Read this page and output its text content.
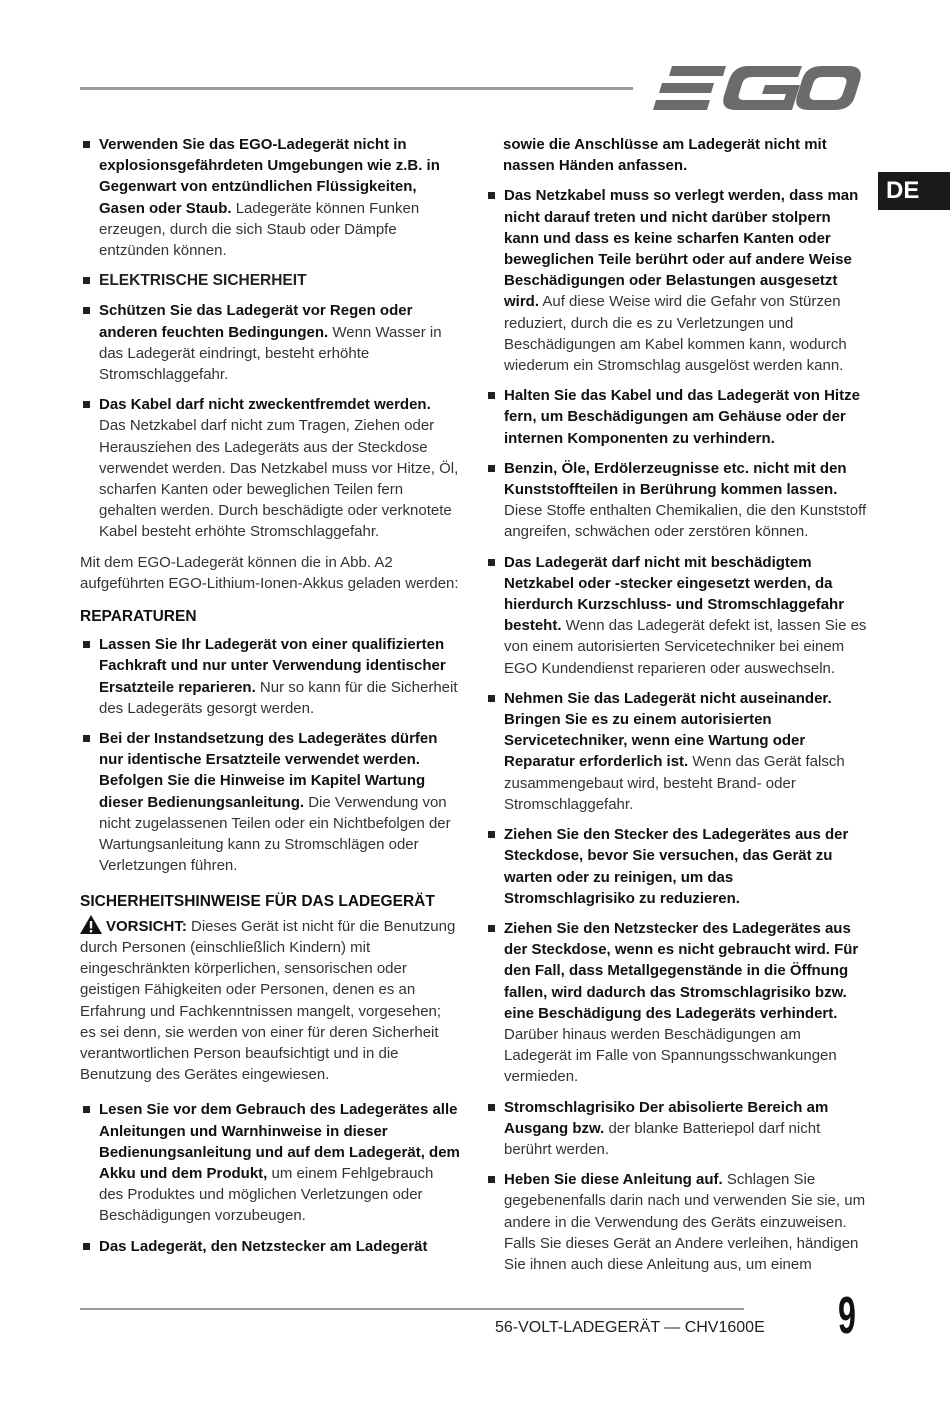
DE
Verwenden Sie das EGO-Ladegerät nicht in explosionsgefährdeten Umgebungen wie z.B. in Gegenwart von entzündlichen Flüssigkeiten, Gasen oder Staub. Ladegeräte können Funken erzeugen, durch die sich Staub oder Dämpfe entzünden können.
ELEKTRISCHE SICHERHEIT
Schützen Sie das Ladegerät vor Regen oder anderen feuchten Bedingungen. Wenn Wasser in das Ladegerät eindringt, besteht erhöhte Stromschlaggefahr.
Das Kabel darf nicht zweckentfremdet werden. Das Netzkabel darf nicht zum Tragen, Ziehen oder Herausziehen des Ladegeräts aus der Steckdose verwendet werden. Das Netzkabel muss vor Hitze, Öl, scharfen Kanten oder beweglichen Teilen fern gehalten werden. Durch beschädigte oder verknotete Kabel besteht erhöhte Stromschlaggefahr.

Mit dem EGO-Ladegerät können die in Abb. A2 aufgeführten EGO-Lithium-Ionen-Akkus geladen werden:

REPARATUREN
Lassen Sie Ihr Ladegerät von einer qualifizierten Fachkraft und nur unter Verwendung identischer Ersatzteile reparieren. Nur so kann für die Sicherheit des Ladegeräts gesorgt werden.
Bei der Instandsetzung des Ladegerätes dürfen nur identische Ersatzteile verwendet werden. Befolgen Sie die Hinweise im Kapitel Wartung dieser Bedienungsanleitung. Die Verwendung von nicht zugelassenen Teilen oder ein Nichtbefolgen der Wartungsanleitung kann zu Stromschlägen oder Verletzungen führen.
SICHERHEITSHINWEISE FÜR DAS LADEGERÄT

VORSICHT: Dieses Gerät ist nicht für die Benutzung durch Personen (einschließlich Kindern) mit eingeschränkten körperlichen, sensorischen oder geistigen Fähigkeiten oder Personen, denen es an Erfahrung und Fachkenntnissen mangelt, vorgesehen; es sei denn, sie werden von einer für deren Sicherheit verantwortlichen Person beaufsichtigt und in die Benutzung des Gerätes eingewiesen.

Lesen Sie vor dem Gebrauch des Ladegerätes alle Anleitungen und Warnhinweise in dieser Bedienungsanleitung und auf dem Ladegerät, dem Akku und dem Produkt, um einem Fehlgebrauch des Produktes und möglichen Verletzungen oder Beschädigungen vorzubeugen.
Das Ladegerät, den Netzstecker am Ladegerät
sowie die Anschlüsse am Ladegerät nicht mit nassen Händen anfassen.
Das Netzkabel muss so verlegt werden, dass man nicht darauf treten und nicht darüber stolpern kann und dass es keine scharfen Kanten oder beweglichen Teile berührt oder auf andere Weise Beschädigungen oder Belastungen ausgesetzt wird. Auf diese Weise wird die Gefahr von Stürzen reduziert, durch die es zu Verletzungen und Beschädigungen am Kabel kommen kann, wodurch wiederum ein Stromschlag ausgelöst werden kann.
Halten Sie das Kabel und das Ladegerät von Hitze fern, um Beschädigungen am Gehäuse oder der internen Komponenten zu verhindern.
Benzin, Öle, Erdölerzeugnisse etc. nicht mit den Kunststoffteilen in Berührung kommen lassen. Diese Stoffe enthalten Chemikalien, die den Kunststoff angreifen, schwächen oder zerstören können.
Das Ladegerät darf nicht mit beschädigtem Netzkabel oder -stecker eingesetzt werden, da hierdurch Kurzschluss- und Stromschlaggefahr besteht. Wenn das Ladegerät defekt ist, lassen Sie es von einem autorisierten Servicetechniker bei einem EGO Kundendienst reparieren oder auswechseln.
Nehmen Sie das Ladegerät nicht auseinander. Bringen Sie es zu einem autorisierten Servicetechniker, wenn eine Wartung oder Reparatur erforderlich ist. Wenn das Gerät falsch zusammengebaut wird, besteht Brand- oder Stromschlaggefahr.
Ziehen Sie den Stecker des Ladegerätes aus der Steckdose, bevor Sie versuchen, das Gerät zu warten oder zu reinigen, um das Stromschlagrisiko zu reduzieren.
Ziehen Sie den Netzstecker des Ladegerätes aus der Steckdose, wenn es nicht gebraucht wird. Für den Fall, dass Metallgegenstände in die Öffnung fallen, wird dadurch das Stromschlagrisiko bzw. eine Beschädigung des Ladegeräts verhindert. Darüber hinaus werden Beschädigungen am Ladegerät im Falle von Spannungsschwankungen vermieden.
Stromschlagrisiko Der abisolierte Bereich am Ausgang bzw. der blanke Batteriepol darf nicht berührt werden.
Heben Sie diese Anleitung auf. Schlagen Sie gegebenenfalls darin nach und verwenden Sie sie, um andere in die Verwendung des Geräts einzuweisen. Falls Sie dieses Gerät an Andere verleihen, händigen Sie ihnen auch diese Anleitung aus, um einem
56-VOLT-LADEGERÄT — CHV1600E 9
